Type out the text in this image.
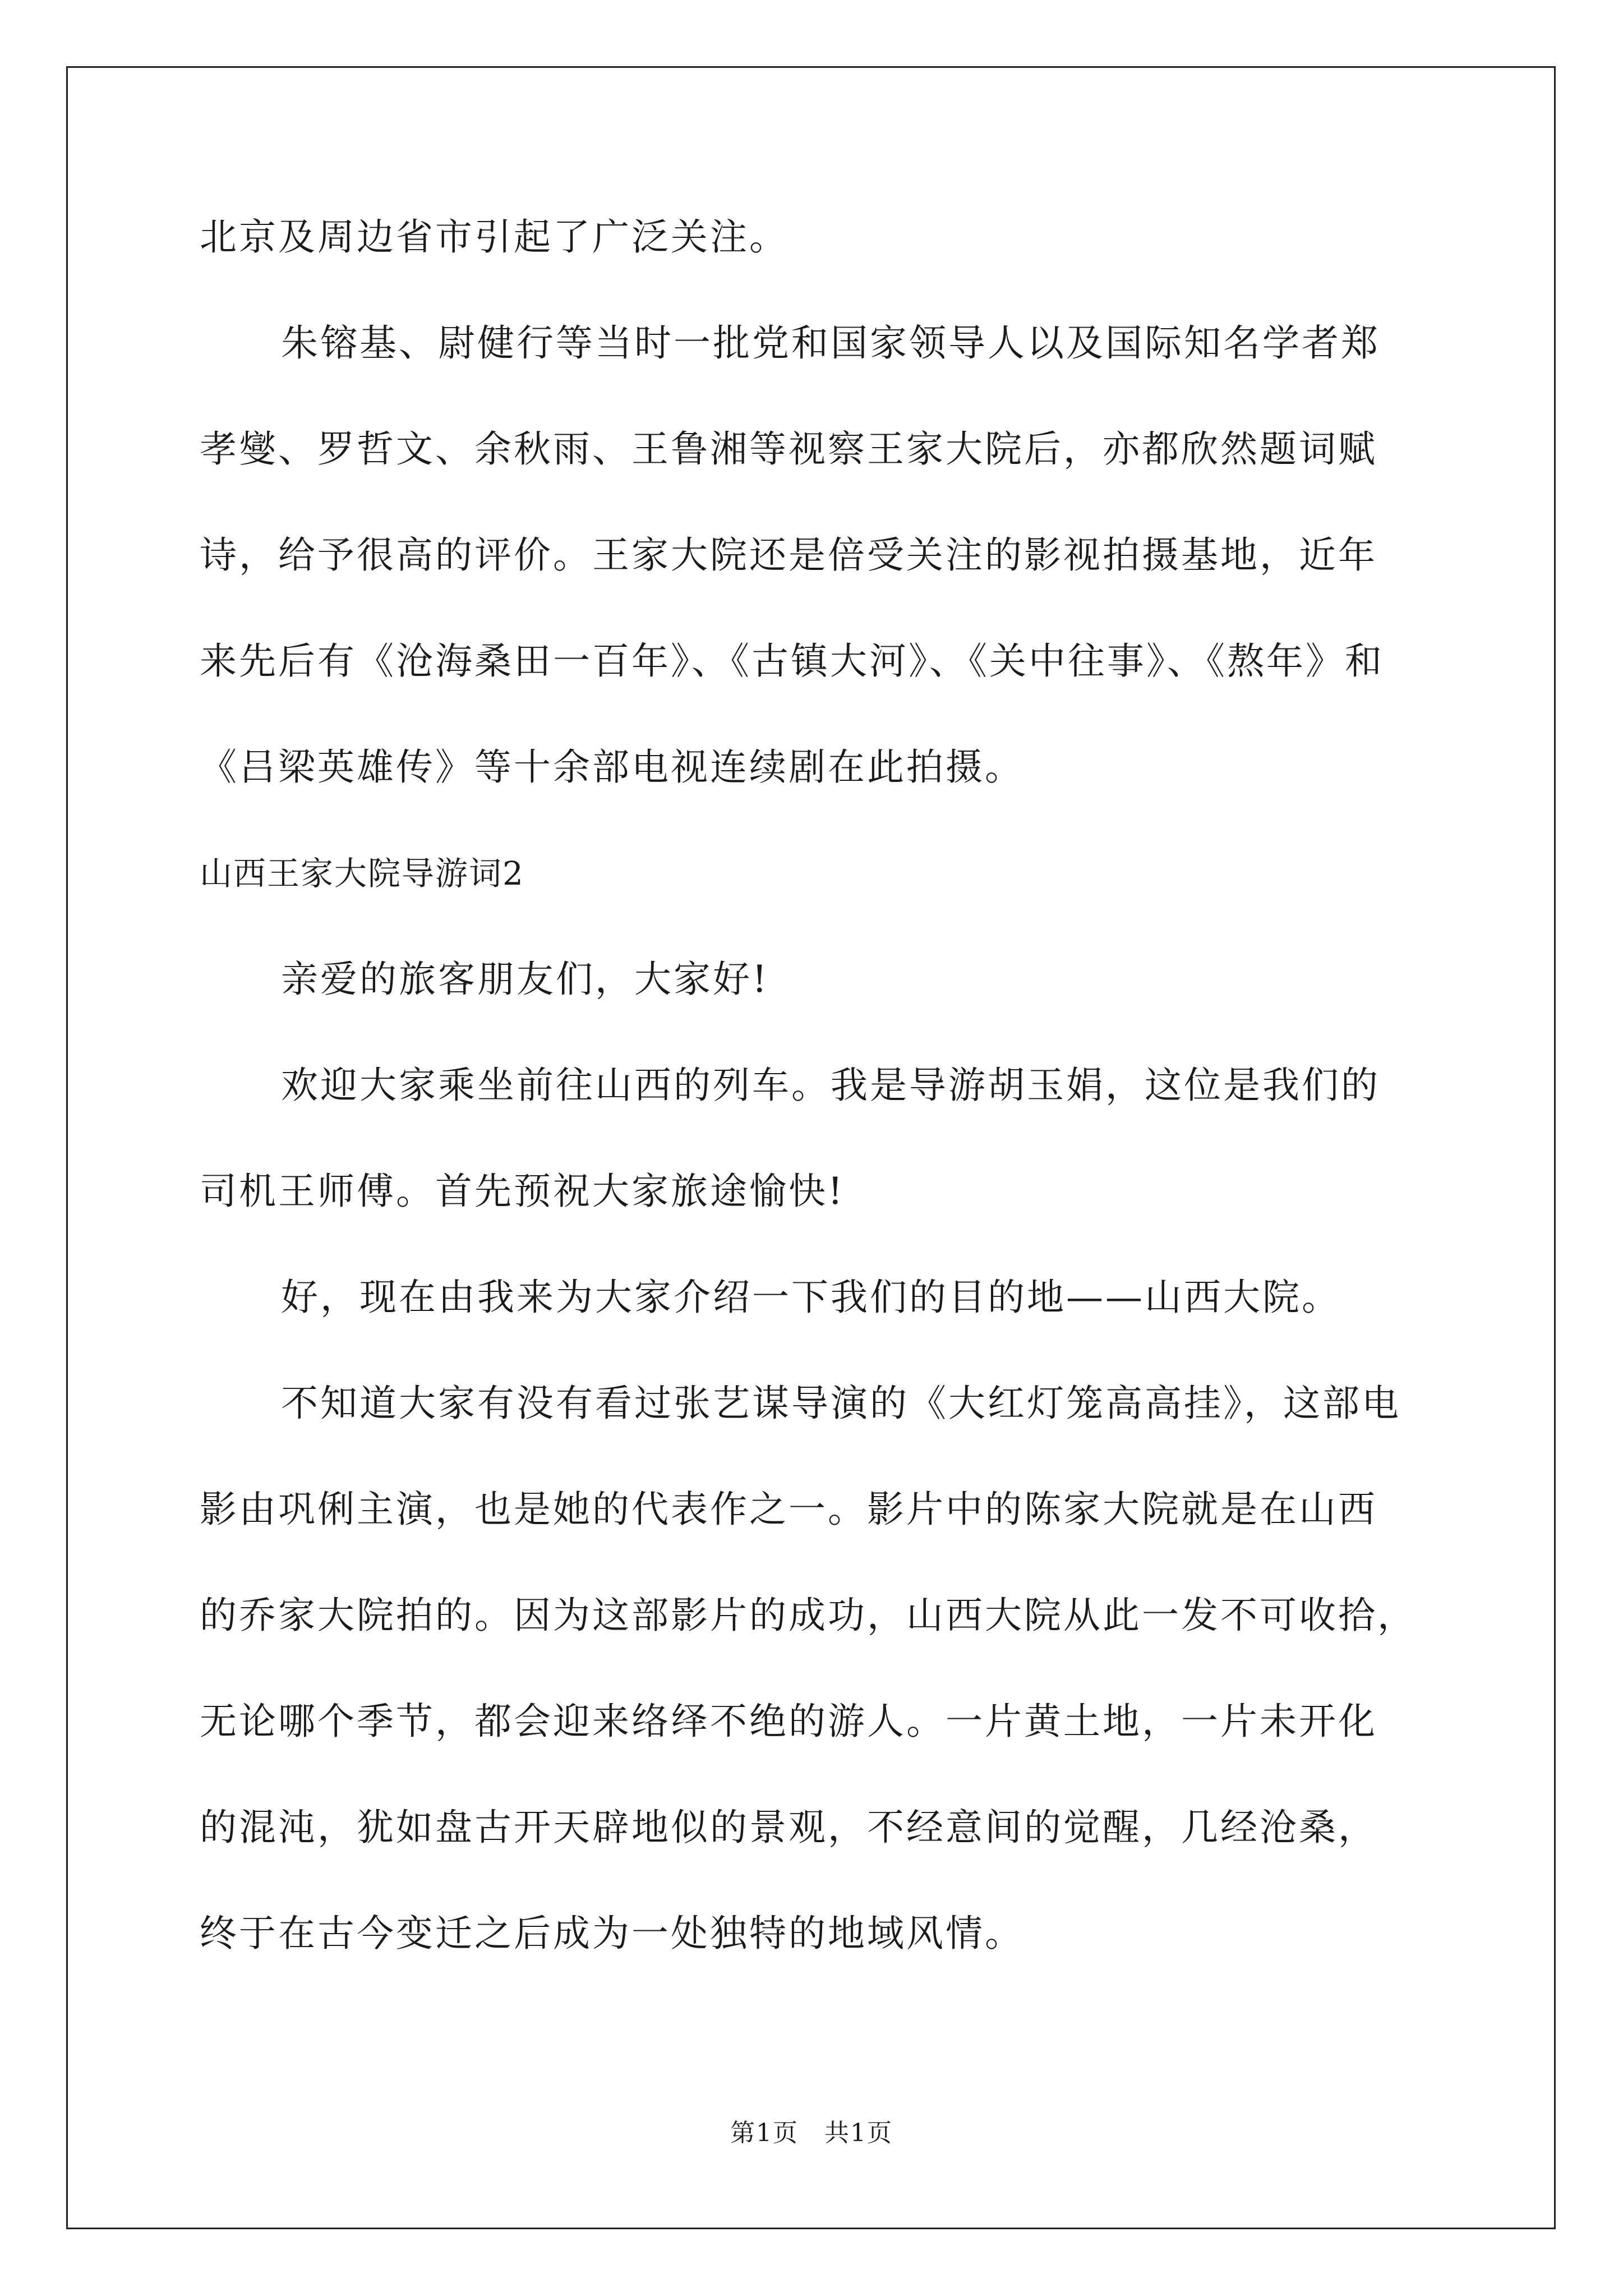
北京及周边省市引起了广泛关注。
朱镕基、尉健行等当时一批党和国家领导人以及国际知名学者郑
孝燮、罗哲文、余秋雨、王鲁湘等视察王家大院后，亦都欣然题词赋
诗，给予很高的评价。王家大院还是倍受关注的影视拍摄基地，近年
来先后有《沧海桑田一百年》、《古镇大河》、《关中往事》、《熬年》和
《吕梁英雄传》等十余部电视连续剧在此拍摄。
山西王家大院导游词2
亲爱的旅客朋友们，大家好!
欢迎大家乘坐前往山西的列车。我是导游胡玉娟，这位是我们的
司机王师傅。首先预祝大家旅途愉快!
好，现在由我来为大家介绍一下我们的目的地——山西大院。
不知道大家有没有看过张艺谋导演的《大红灯笼高高挂》，这部电
影由巩俐主演，也是她的代表作之一。影片中的陈家大院就是在山西
的乔家大院拍的。因为这部影片的成功，山西大院从此一发不可收拾，
无论哪个季节，都会迎来络绎不绝的游人。一片黄土地，一片未开化
的混沌，犹如盘古开天辟地似的景观，不经意间的觉醒，几经沧桑，
终于在古今变迁之后成为一处独特的地域风情。
第1页　共1页
